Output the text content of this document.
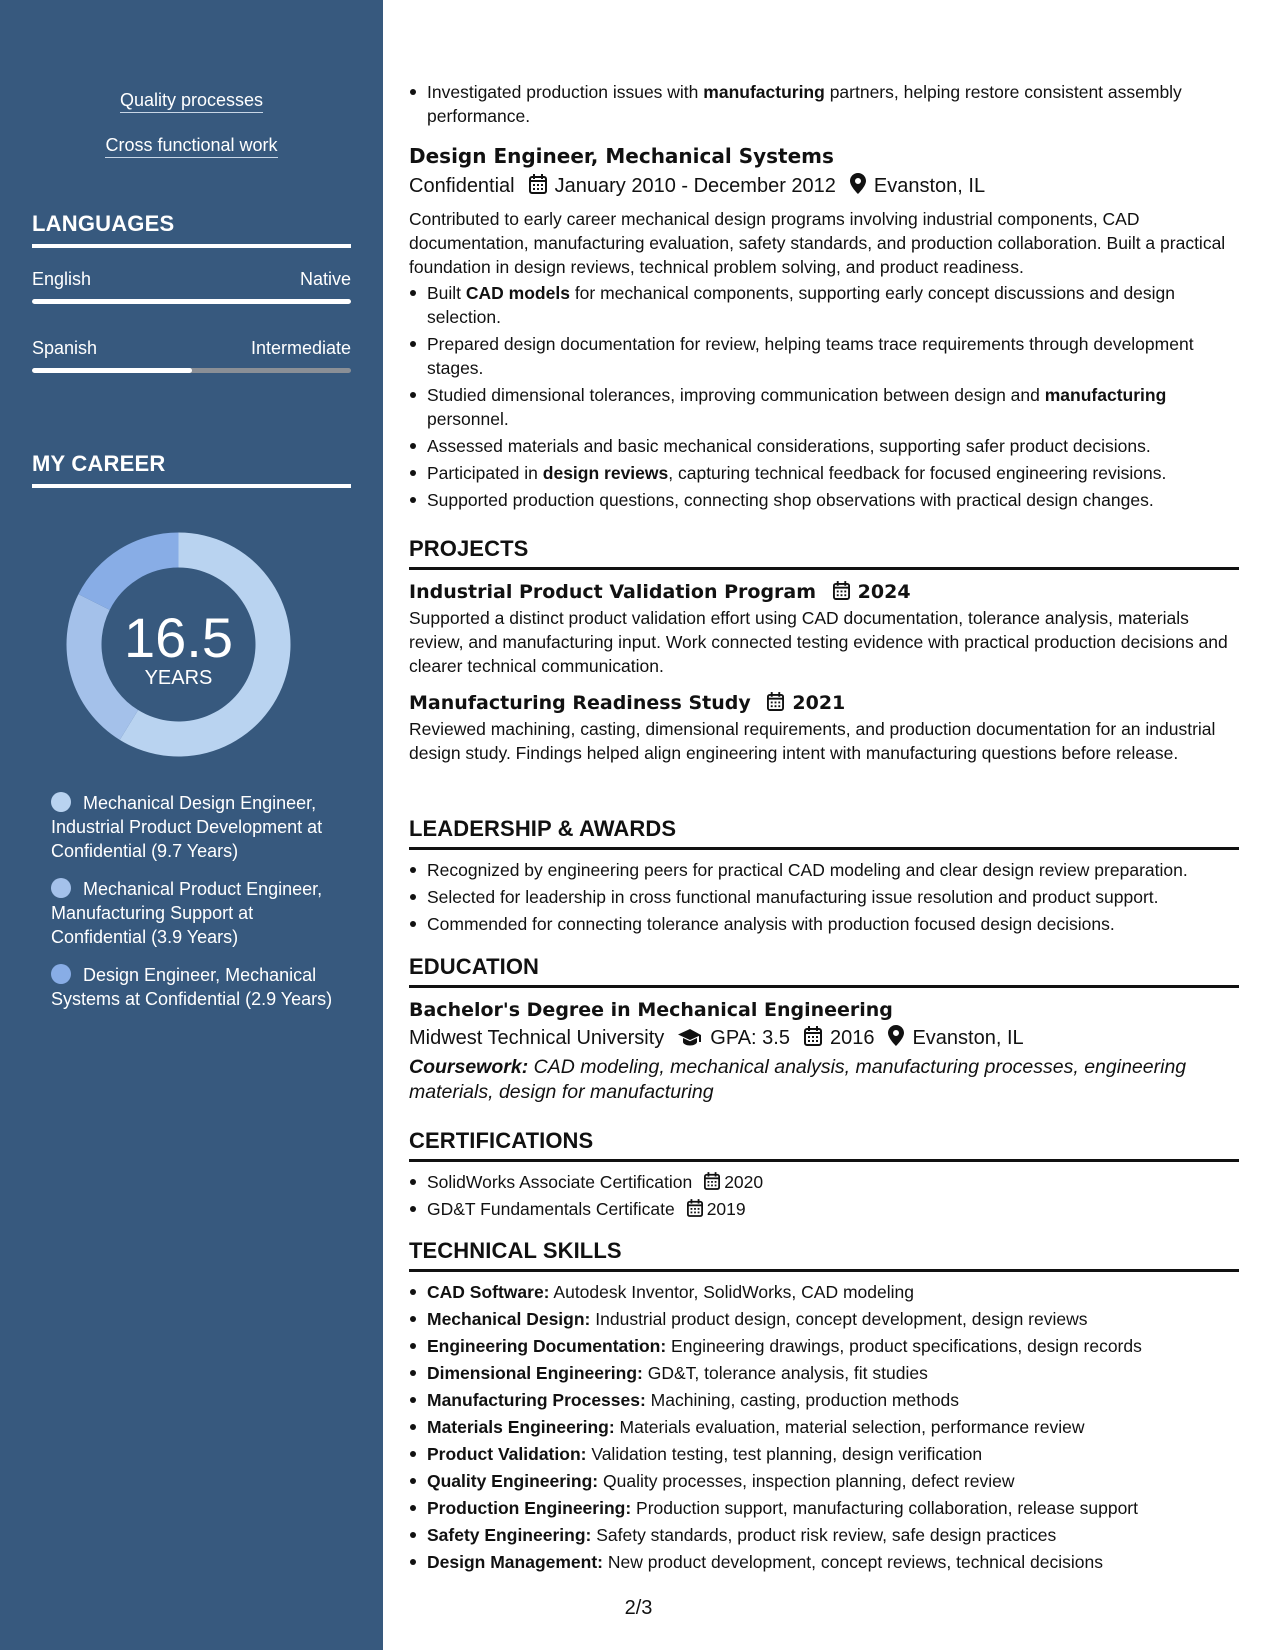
Quality processes
Cross functional work
LANGUAGES
English	Native
Spanish	Intermediate
MY CAREER
16.5
YEARS
Mechanical Design Engineer, Industrial Product Development at Confidential (9.7 Years)
Mechanical Product Engineer, Manufacturing Support at Confidential (3.9 Years)
Design Engineer, Mechanical Systems at Confidential (2.9 Years)
Investigated production issues with manufacturing partners, helping restore consistent assembly performance.
Design Engineer, Mechanical Systems
Confidential January 2010 - December 2012 Evanston, IL
Contributed to early career mechanical design programs involving industrial components, CAD documentation, manufacturing evaluation, safety standards, and production collaboration. Built a practical foundation in design reviews, technical problem solving, and product readiness.
Built CAD models for mechanical components, supporting early concept discussions and design selection.
Prepared design documentation for review, helping teams trace requirements through development stages.
Studied dimensional tolerances, improving communication between design and manufacturing personnel.
Assessed materials and basic mechanical considerations, supporting safer product decisions.
Participated in design reviews, capturing technical feedback for focused engineering revisions.
Supported production questions, connecting shop observations with practical design changes.
PROJECTS
Industrial Product Validation Program 2024
Supported a distinct product validation effort using CAD documentation, tolerance analysis, materials review, and manufacturing input. Work connected testing evidence with practical production decisions and clearer technical communication.
Manufacturing Readiness Study 2021
Reviewed machining, casting, dimensional requirements, and production documentation for an industrial design study. Findings helped align engineering intent with manufacturing questions before release.
LEADERSHIP & AWARDS
Recognized by engineering peers for practical CAD modeling and clear design review preparation.
Selected for leadership in cross functional manufacturing issue resolution and product support.
Commended for connecting tolerance analysis with production focused design decisions.
EDUCATION
Bachelor's Degree in Mechanical Engineering
Midwest Technical University GPA: 3.5 2016 Evanston, IL
Coursework: CAD modeling, mechanical analysis, manufacturing processes, engineering materials, design for manufacturing
CERTIFICATIONS
SolidWorks Associate Certification 2020
GD&T Fundamentals Certificate 2019
TECHNICAL SKILLS
CAD Software: Autodesk Inventor, SolidWorks, CAD modeling
Mechanical Design: Industrial product design, concept development, design reviews
Engineering Documentation: Engineering drawings, product specifications, design records
Dimensional Engineering: GD&T, tolerance analysis, fit studies
Manufacturing Processes: Machining, casting, production methods
Materials Engineering: Materials evaluation, material selection, performance review
Product Validation: Validation testing, test planning, design verification
Quality Engineering: Quality processes, inspection planning, defect review
Production Engineering: Production support, manufacturing collaboration, release support
Safety Engineering: Safety standards, product risk review, safe design practices
Design Management: New product development, concept reviews, technical decisions
2/3
